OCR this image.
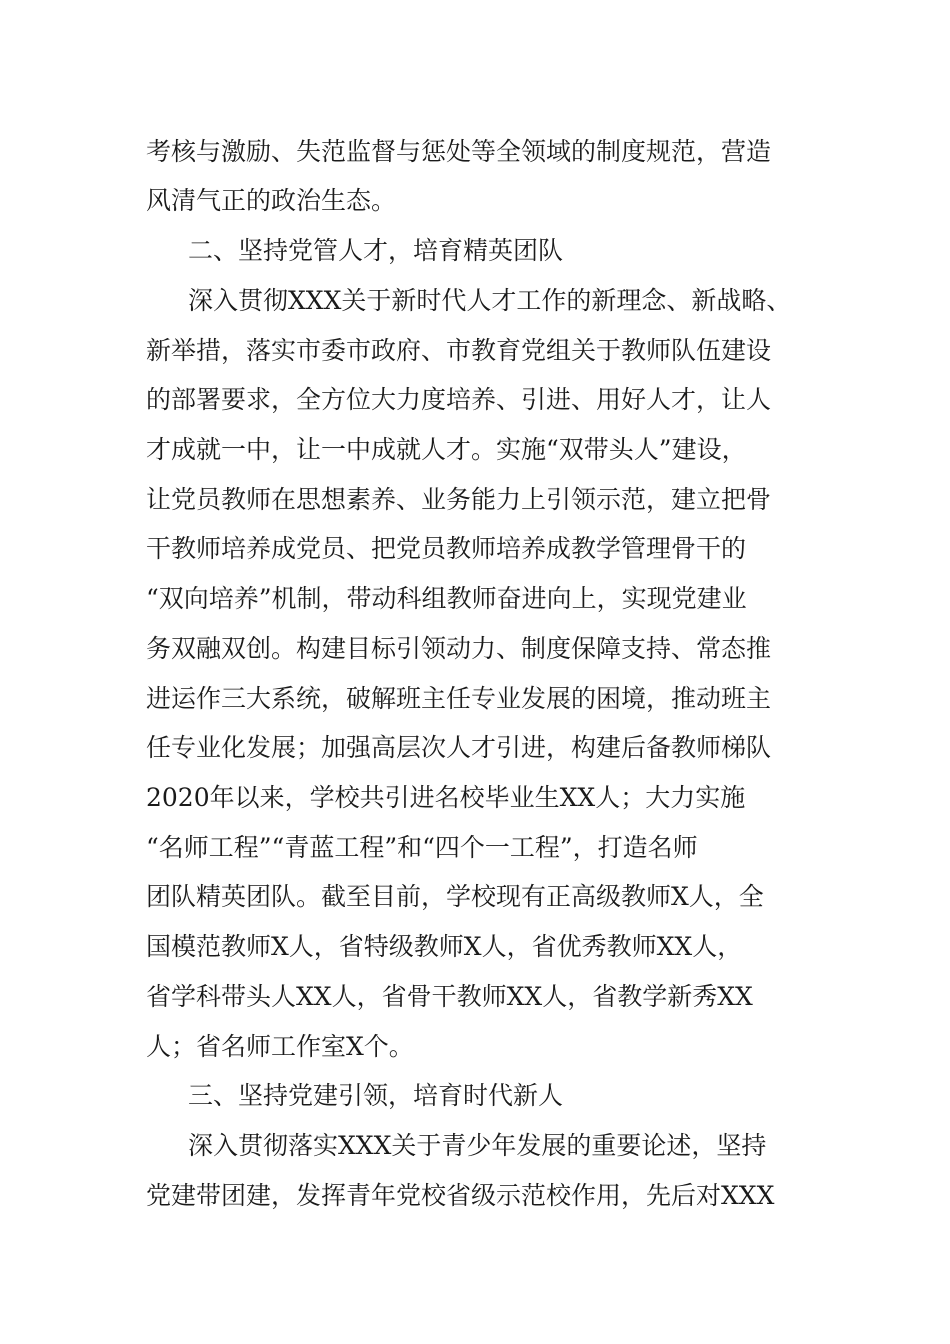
考核与激励、失范监督与惩处等全领域的制度规范，营造

风清气正的政治生态。

二、坚持党管人才，培育精英团队

深入贯彻XXX关于新时代人才工作的新理念、新战略、

新举措，落实市委市政府、市教育党组关于教师队伍建设

的部署要求，全方位大力度培养、引进、用好人才，让人

才成就一中，让一中成就人才。实施“双带头人”建设，

让党员教师在思想素养、业务能力上引领示范，建立把骨

干教师培养成党员、把党员教师培养成教学管理骨干的

“双向培养”机制，带动科组教师奋进向上，实现党建业

务双融双创。构建目标引领动力、制度保障支持、常态推

进运作三大系统，破解班主任专业发展的困境，推动班主

任专业化发展；加强高层次人才引进，构建后备教师梯队

2020年以来，学校共引进名校毕业生XX人；大力实施

“名师工程”“青蓝工程”和“四个一工程”，打造名师

团队精英团队。截至目前，学校现有正高级教师X人，全

国模范教师X人，省特级教师X人，省优秀教师XX人，

省学科带头人XX人，省骨干教师XX人，省教学新秀XX

人；省名师工作室X个。

三、坚持党建引领，培育时代新人

深入贯彻落实XXX关于青少年发展的重要论述，坚持

党建带团建，发挥青年党校省级示范校作用，先后对XXX
